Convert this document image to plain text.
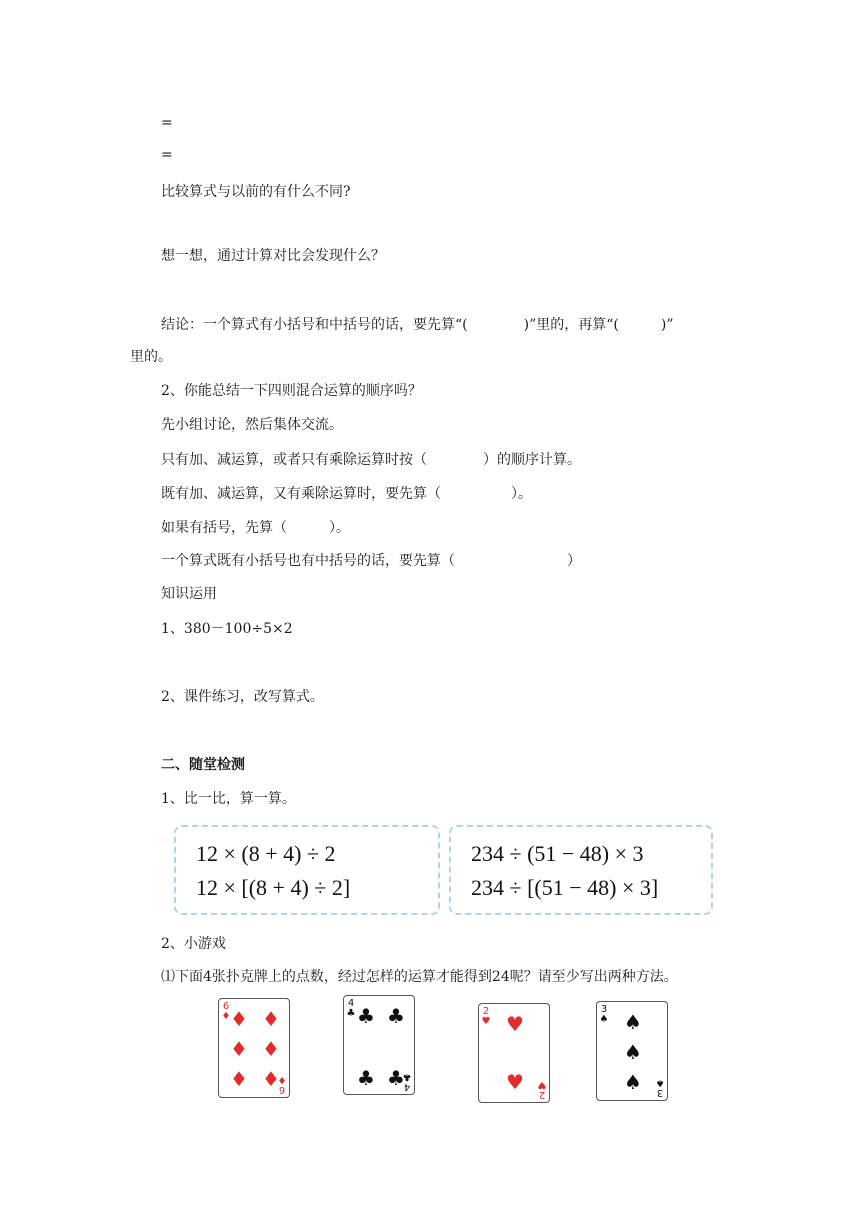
=
=
比较算式与以前的有什么不同?
想一想，通过计算对比会发现什么？
结论：一个算式有小括号和中括号的话，要先算“(　　　　)”里的，再算“(　　　)”
里的。
2、你能总结一下四则混合运算的顺序吗？
先小组讨论，然后集体交流。
只有加、减运算，或者只有乘除运算时按（　　　　）的顺序计算。
既有加、减运算，又有乘除运算时，要先算（　　　　　）。
如果有括号，先算（　　　）。
一个算式既有小括号也有中括号的话，要先算（　　　　　　　　）
知识运用
1、380－100÷5×2
2、课件练习，改写算式。
二、随堂检测
1、比一比，算一算。
12 × (8 + 4) ÷ 2
12 × [(8 + 4) ÷ 2]
234 ÷ (51 − 48) × 3
234 ÷ [(51 − 48) × 3]
2、小游戏
⑴下面4张扑克牌上的点数，经过怎样的运算才能得到24呢？请至少写出两种方法。
6
♦ ♦ ♦
♦ ♦
♦ ♦
6
♦
4
♣ ♣ ♣
♣ ♣
4
♣
2
♥ ♥
♥
2
♥
3
♠ ♠
♠
♠ 3
♠
